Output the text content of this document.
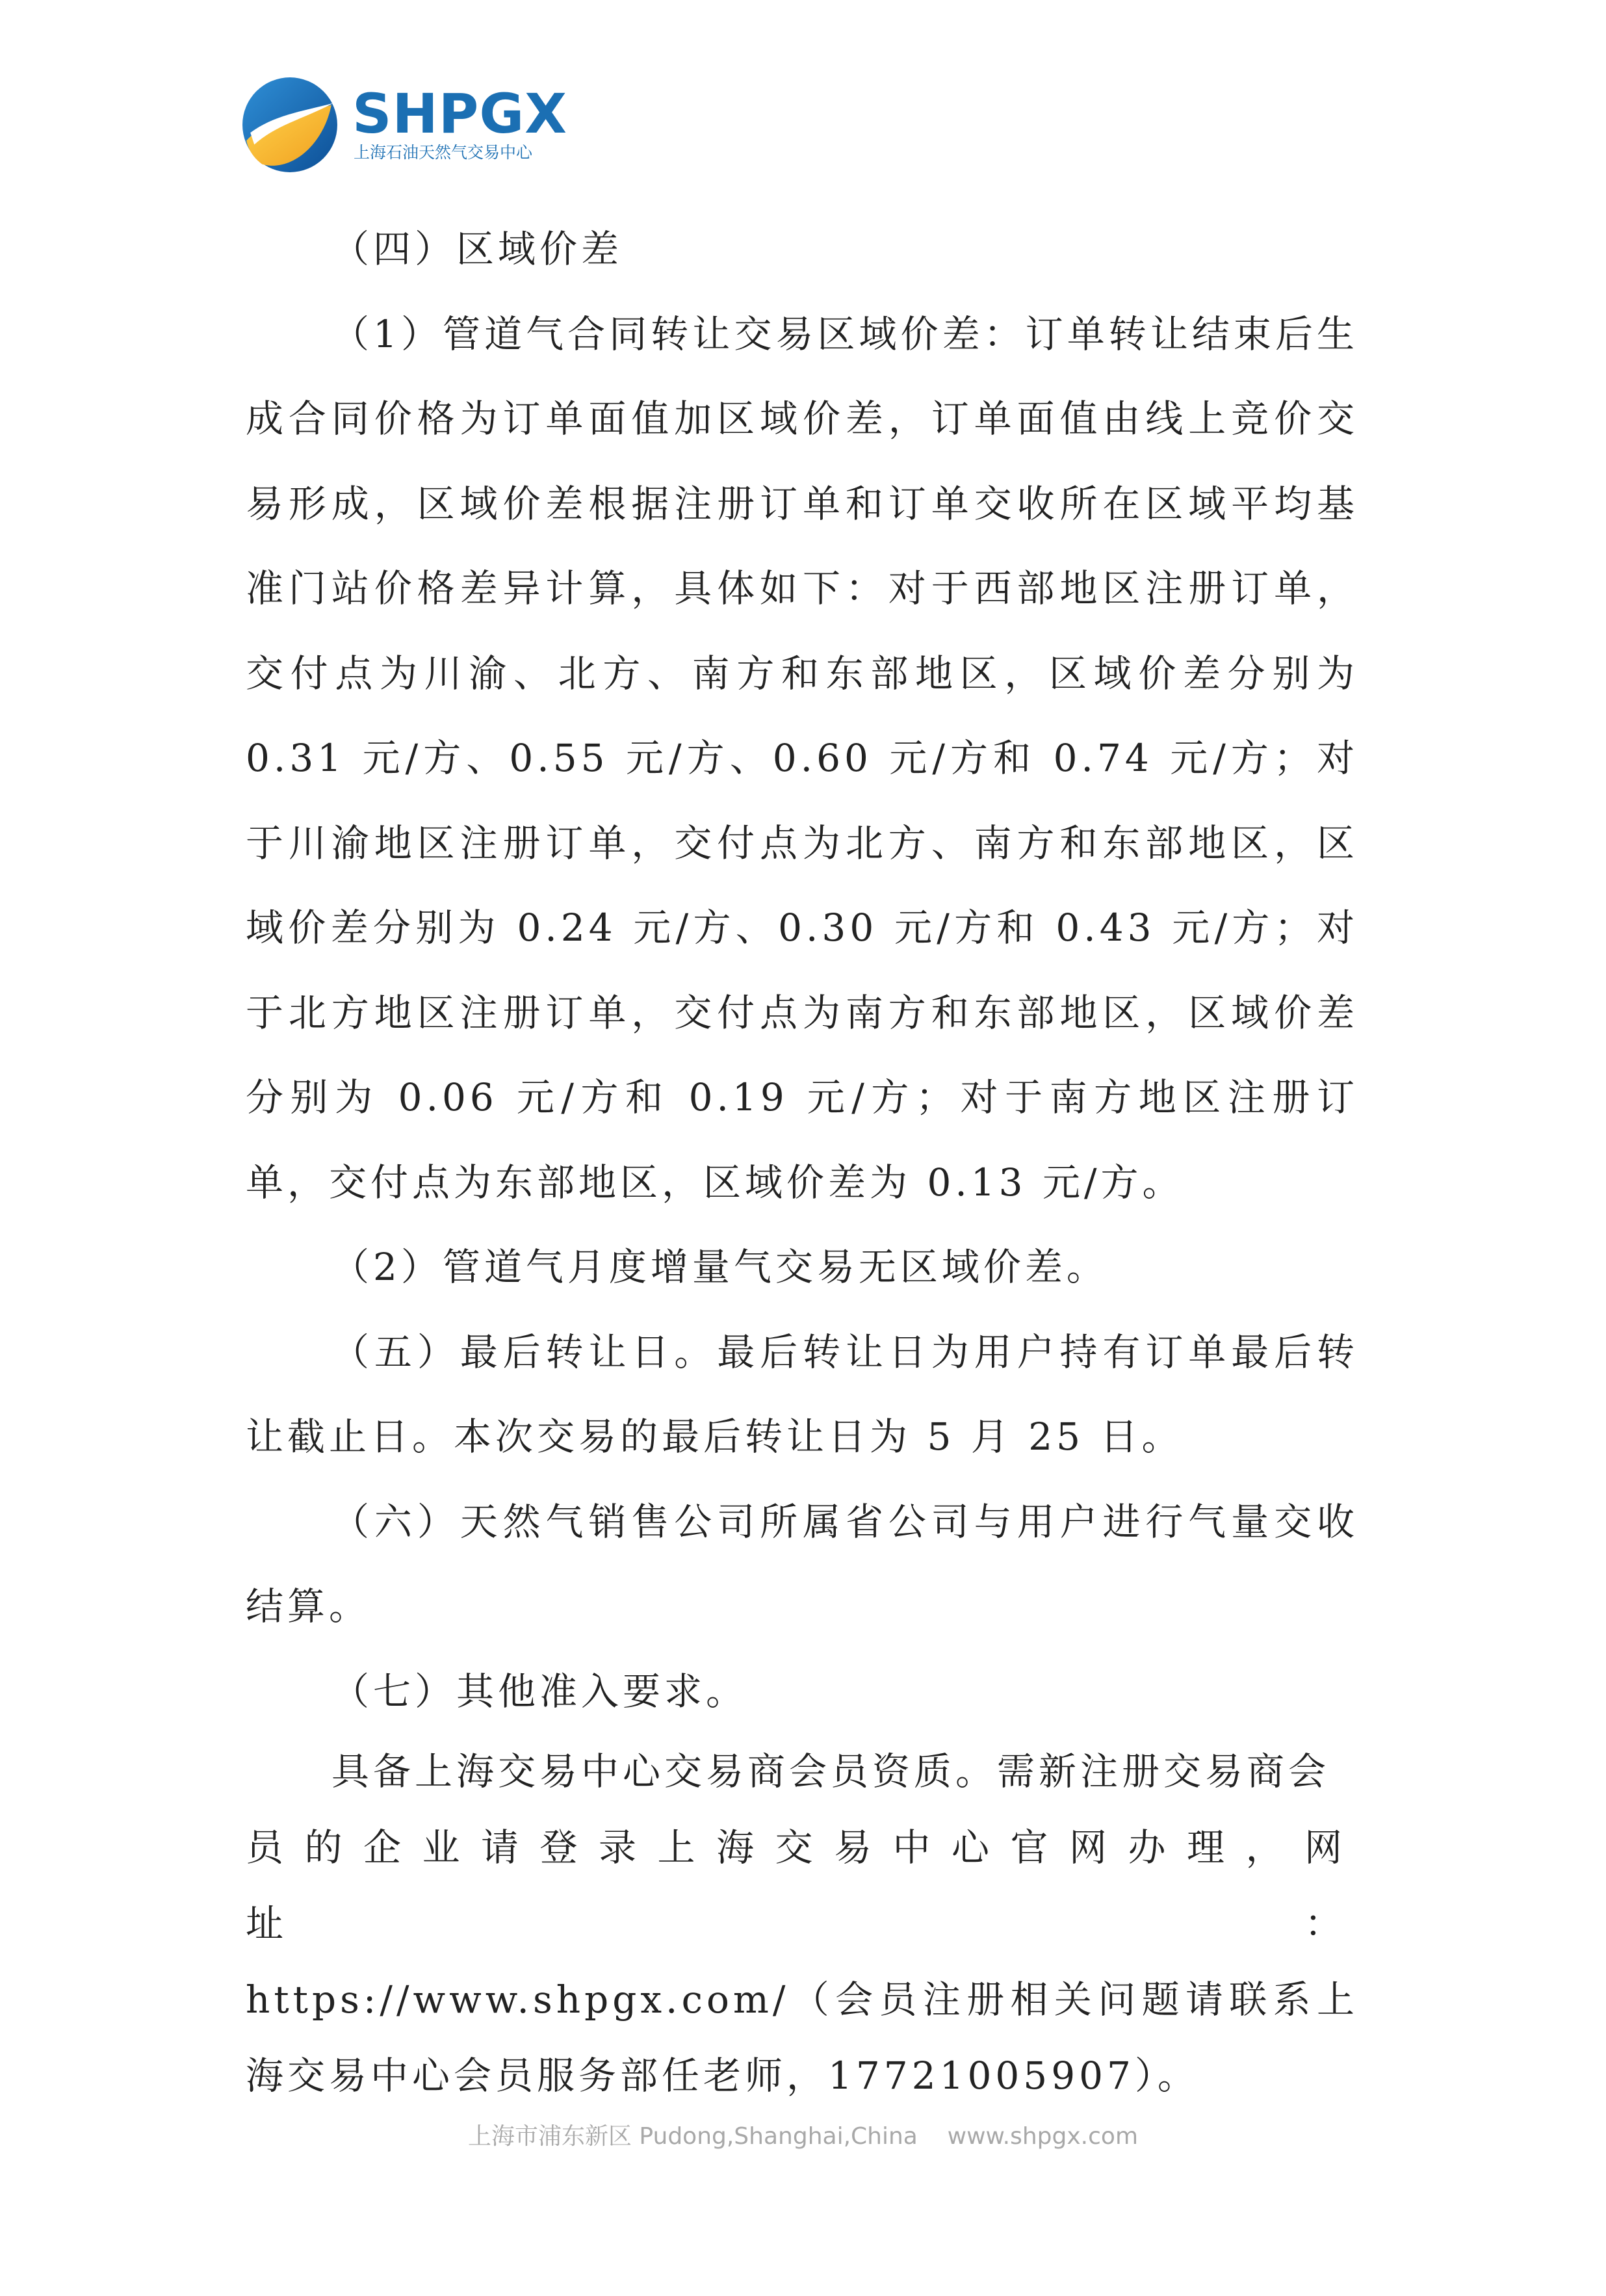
SHPGX
上海石油天然气交易中心

（四）区域价差

（1）管道气合同转让交易区域价差：订单转让结束后生成合同价格为订单面值加区域价差，订单面值由线上竞价交易形成，区域价差根据注册订单和订单交收所在区域平均基准门站价格差异计算，具体如下：对于西部地区注册订单，交付点为川渝、北方、南方和东部地区，区域价差分别为 0.31 元/方、0.55 元/方、0.60 元/方和 0.74 元/方；对于川渝地区注册订单，交付点为北方、南方和东部地区，区域价差分别为 0.24 元/方、0.30 元/方和 0.43 元/方；对于北方地区注册订单，交付点为南方和东部地区，区域价差分别为 0.06 元/方和 0.19 元/方；对于南方地区注册订单，交付点为东部地区，区域价差为 0.13 元/方。

（2）管道气月度增量气交易无区域价差。

（五）最后转让日。最后转让日为用户持有订单最后转让截止日。本次交易的最后转让日为 5 月 25 日。

（六）天然气销售公司所属省公司与用户进行气量交收结算。

（七）其他准入要求。

具备上海交易中心交易商会员资质。需新注册交易商会

员的企业请登录上海交易中心官网办理，网址：

https://www.shpgx.com/（会员注册相关问题请联系上海交易中心会员服务部任老师，17721005907）。

上海市浦东新区 Pudong,Shanghai,China    www.shpgx.com
